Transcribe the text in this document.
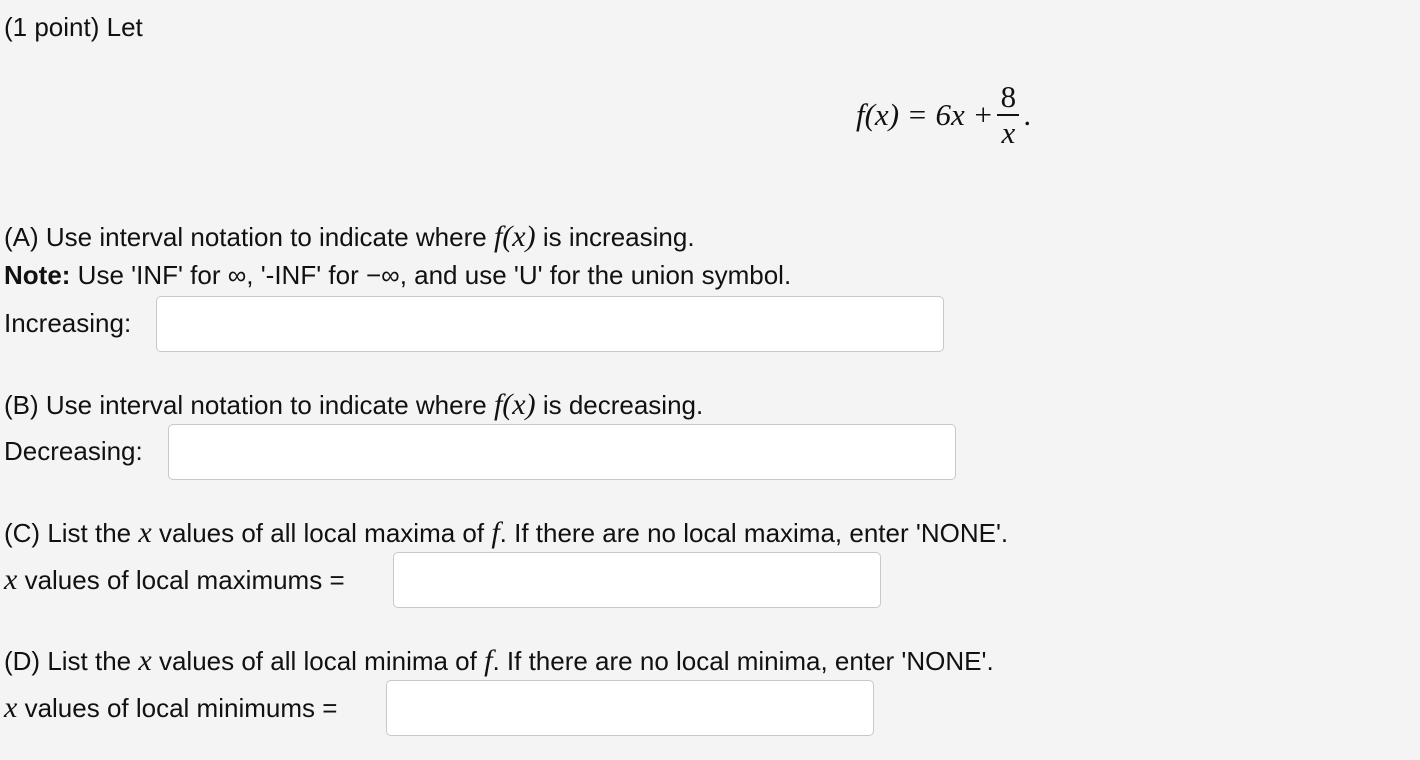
(1 point) Let
$f(x) = 6x + \frac{8}{x}$ .
(A) Use interval notation to indicate where f(x) is increasing.
Note: Use 'INF' for ∞, '-INF' for −∞, and use 'U' for the union symbol.
Increasing:
(B) Use interval notation to indicate where f(x) is decreasing.
Decreasing:
(C) List the x values of all local maxima of f. If there are no local maxima, enter 'NONE'.
x values of local maximums =
(D) List the x values of all local minima of f. If there are no local minima, enter 'NONE'.
x values of local minimums =
